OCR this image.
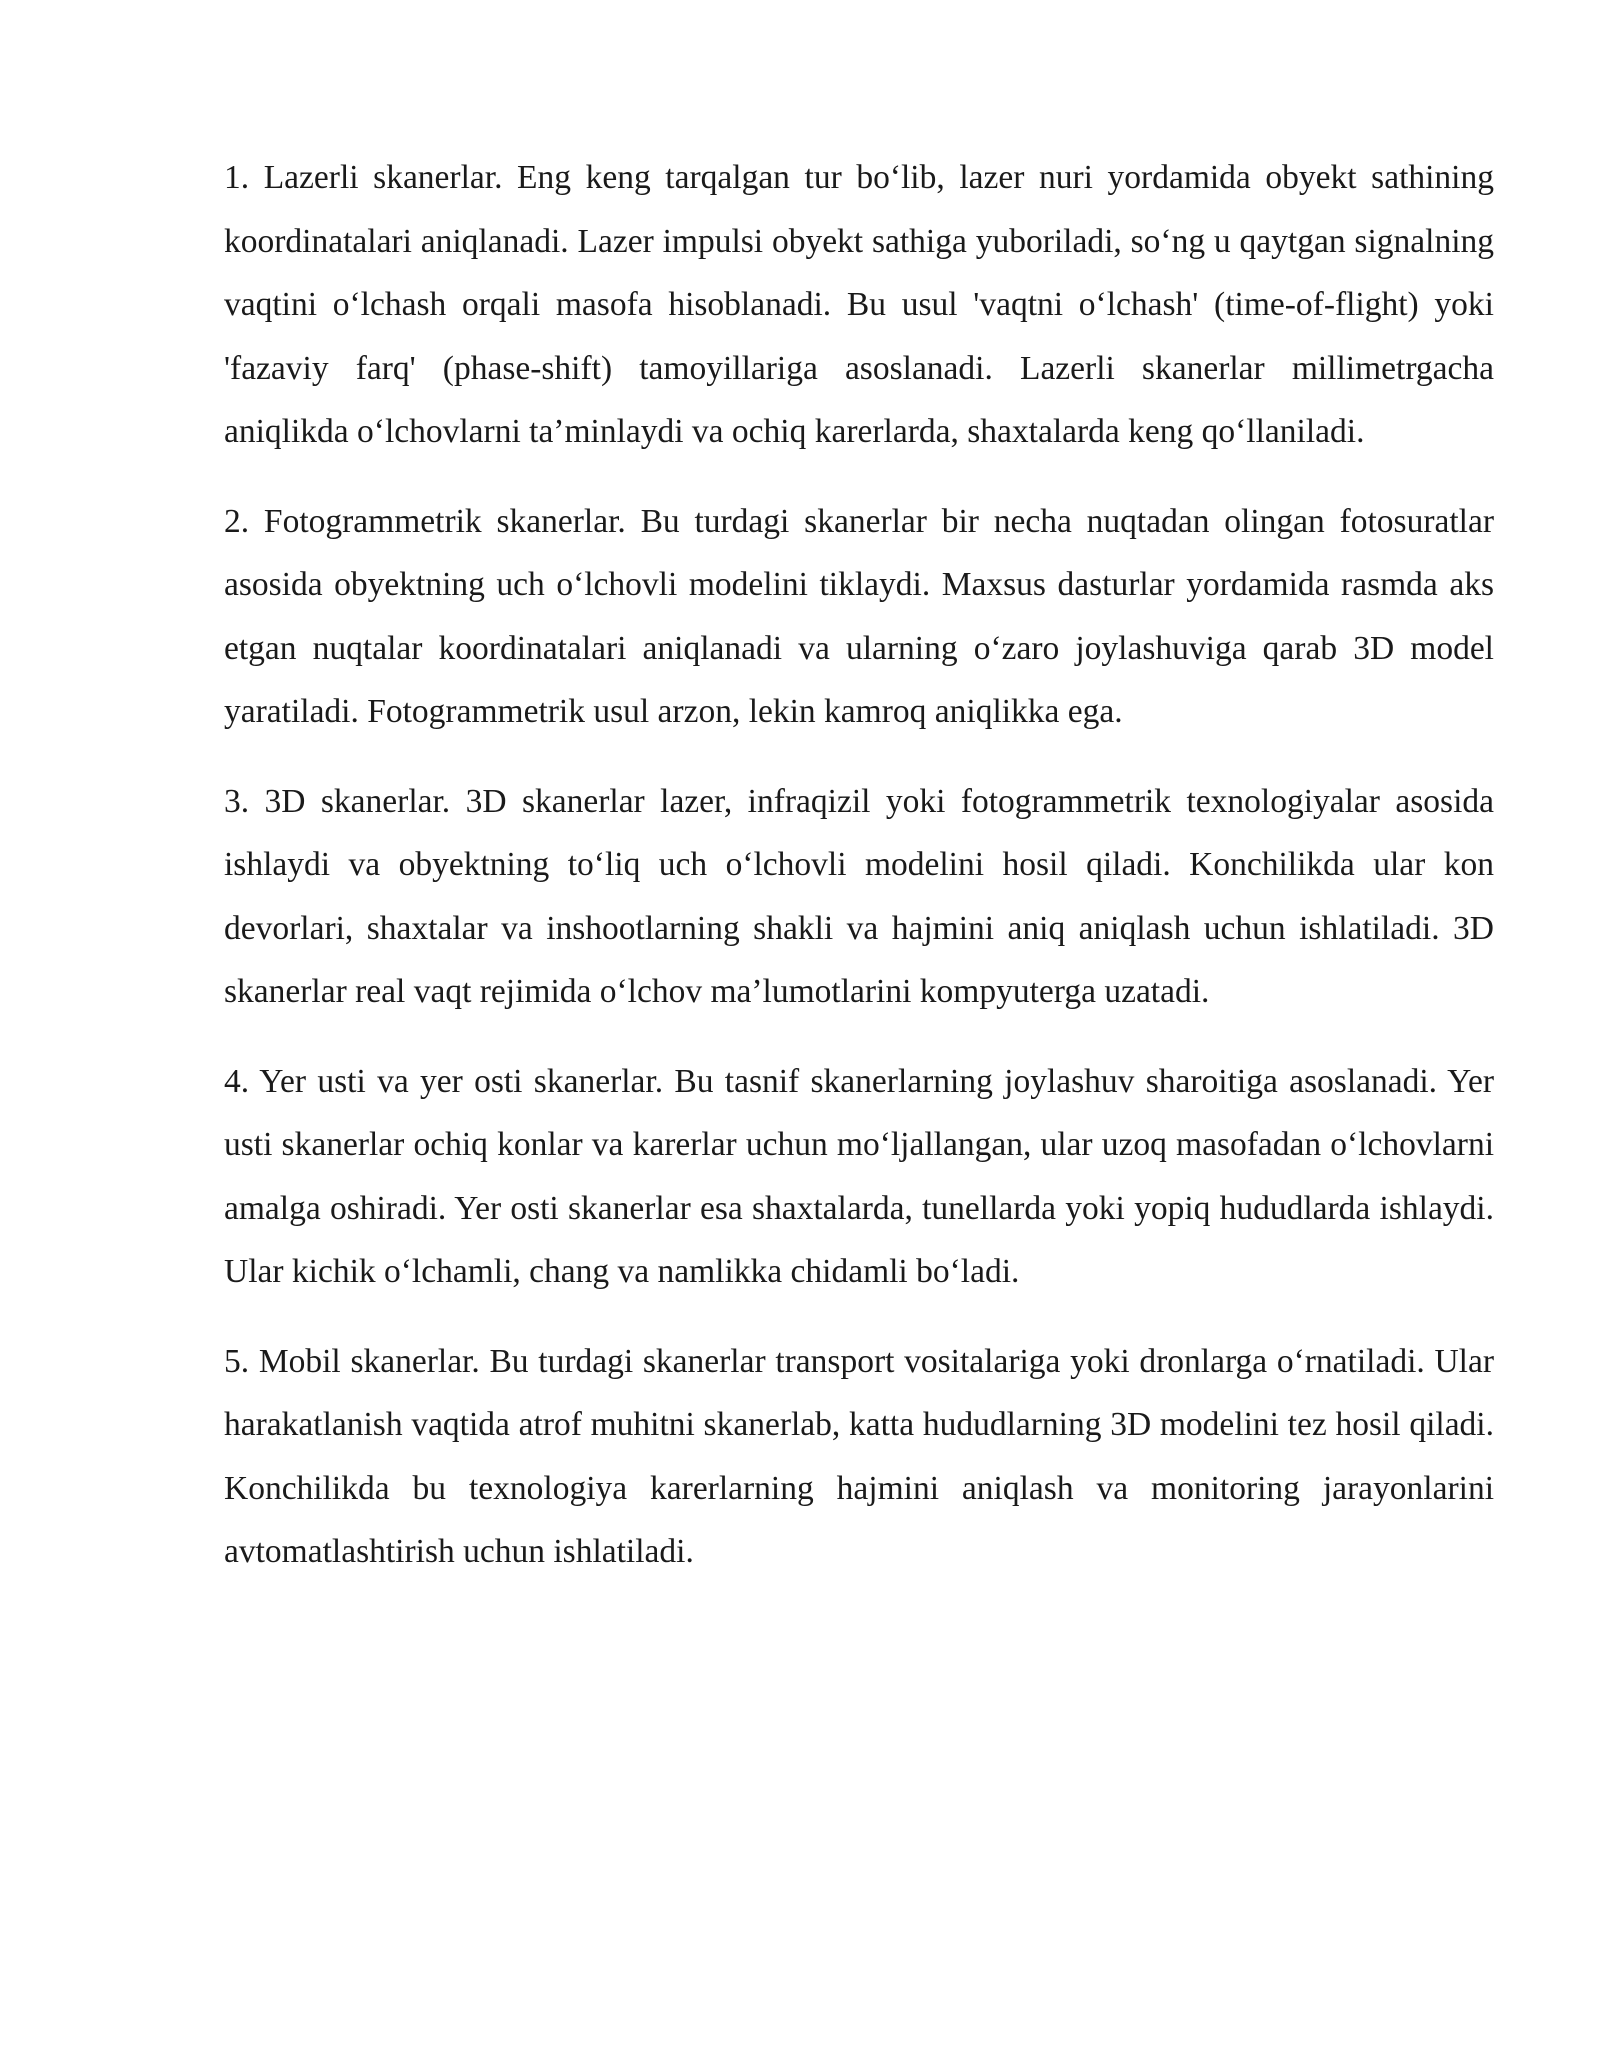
1. Lazerli skanerlar. Eng keng tarqalgan tur bo‘lib, lazer nuri yordamida obyekt sathining koordinatalari aniqlanadi. Lazer impulsi obyekt sathiga yuboriladi, so‘ng u qaytgan signalning vaqtini o‘lchash orqali masofa hisoblanadi. Bu usul 'vaqtni o‘lchash' (time-of-flight) yoki 'fazaviy farq' (phase-shift) tamoyillariga asoslanadi. Lazerli skanerlar millimetrgacha aniqlikda o‘lchovlarni ta’minlaydi va ochiq karerlarda, shaxtalarda keng qo‘llaniladi.

2. Fotogrammetrik skanerlar. Bu turdagi skanerlar bir necha nuqtadan olingan fotosuratlar asosida obyektning uch o‘lchovli modelini tiklaydi. Maxsus dasturlar yordamida rasmda aks etgan nuqtalar koordinatalari aniqlanadi va ularning o‘zaro joylashuviga qarab 3D model yaratiladi. Fotogrammetrik usul arzon, lekin kamroq aniqlikka ega.

3. 3D skanerlar. 3D skanerlar lazer, infraqizil yoki fotogrammetrik texnologiyalar asosida ishlaydi va obyektning to‘liq uch o‘lchovli modelini hosil qiladi. Konchilikda ular kon devorlari, shaxtalar va inshootlarning shakli va hajmini aniq aniqlash uchun ishlatiladi. 3D skanerlar real vaqt rejimida o‘lchov ma’lumotlarini kompyuterga uzatadi.

4. Yer usti va yer osti skanerlar. Bu tasnif skanerlarning joylashuv sharoitiga asoslanadi. Yer usti skanerlar ochiq konlar va karerlar uchun mo‘ljallangan, ular uzoq masofadan o‘lchovlarni amalga oshiradi. Yer osti skanerlar esa shaxtalarda, tunellarda yoki yopiq hududlarda ishlaydi. Ular kichik o‘lchamli, chang va namlikka chidamli bo‘ladi.

5. Mobil skanerlar. Bu turdagi skanerlar transport vositalariga yoki dronlarga o‘rnatiladi. Ular harakatlanish vaqtida atrof muhitni skanerlab, katta hududlarning 3D modelini tez hosil qiladi. Konchilikda bu texnologiya karerlarning hajmini aniqlash va monitoring jarayonlarini avtomatlashtirish uchun ishlatiladi.
